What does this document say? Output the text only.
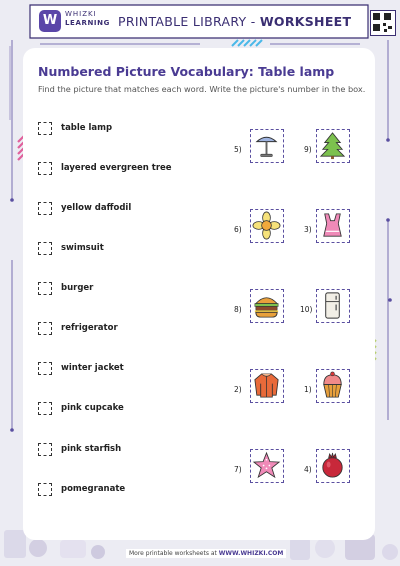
W	WHIZKI
LEARNING PRINTABLE LIBRARY - WORKSHEET
Numbered Picture Vocabulary: Table lamp
Find the picture that matches each word. Write the picture's number in the box.
table lamp
layered evergreen tree
yellow daffodil
swimsuit
burger
refrigerator
winter jacket
pink cupcake
pink starfish
pomegranate
5)	9)
6)	3)
8)	10)
2)	1)
7)	4)
More printable worksheets at WWW.WHIZKI.COM
